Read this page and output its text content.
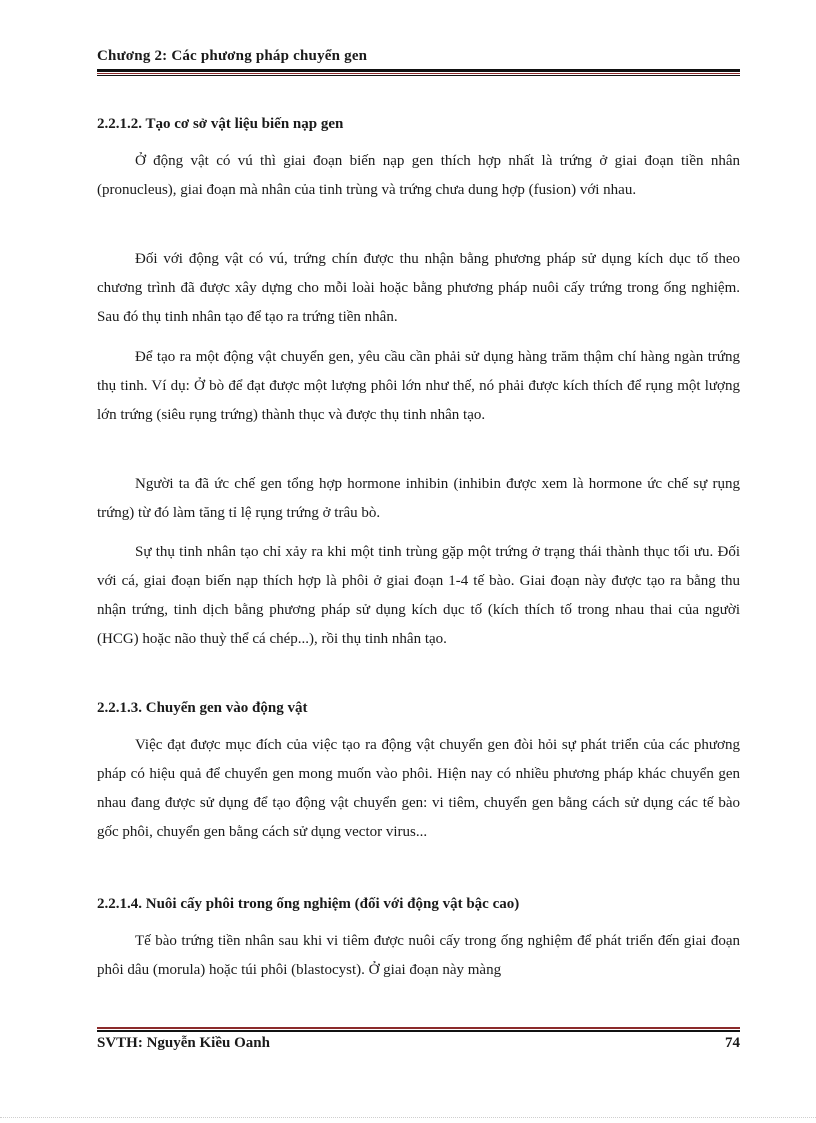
Chương 2: Các phương pháp chuyển gen
2.2.1.2. Tạo cơ sở vật liệu biến nạp gen

Ở động vật có vú thì giai đoạn biến nạp gen thích hợp nhất là trứng ở giai đoạn tiền nhân (pronucleus), giai đoạn mà nhân của tinh trùng và trứng chưa dung hợp (fusion) với nhau.

Đối với động vật có vú, trứng chín được thu nhận bằng phương pháp sử dụng kích dục tố theo chương trình đã được xây dựng cho mỗi loài hoặc bằng phương pháp nuôi cấy trứng trong ống nghiệm. Sau đó thụ tinh nhân tạo để tạo ra trứng tiền nhân.

Để tạo ra một động vật chuyển gen, yêu cầu cần phải sử dụng hàng trăm thậm chí hàng ngàn trứng thụ tinh. Ví dụ: Ở bò để đạt được một lượng phôi lớn như thế, nó phải được kích thích để rụng một lượng lớn trứng (siêu rụng trứng) thành thục và được thụ tinh nhân tạo.

Người ta đã ức chế gen tổng hợp hormone inhibin (inhibin được xem là hormone ức chế sự rụng trứng) từ đó làm tăng tỉ lệ rụng trứng ở trâu bò.

Sự thụ tinh nhân tạo chỉ xảy ra khi một tinh trùng gặp một trứng ở trạng thái thành thục tối ưu. Đối với cá, giai đoạn biến nạp thích hợp là phôi ở giai đoạn 1-4 tế bào. Giai đoạn này được tạo ra bằng thu nhận trứng, tinh dịch bằng phương pháp sử dụng kích dục tố (kích thích tố trong nhau thai của người (HCG) hoặc não thuỳ thể cá chép...), rồi thụ tinh nhân tạo.

2.2.1.3. Chuyển gen vào động vật

Việc đạt được mục đích của việc tạo ra động vật chuyển gen đòi hỏi sự phát triển của các phương pháp có hiệu quả để chuyển gen mong muốn vào phôi. Hiện nay có nhiều phương pháp khác chuyển gen nhau đang được sử dụng để tạo động vật chuyển gen: vi tiêm, chuyển gen bằng cách sử dụng các tế bào gốc phôi, chuyển gen bằng cách sử dụng vector virus...

2.2.1.4. Nuôi cấy phôi trong ống nghiệm (đối với động vật bậc cao)

Tế bào trứng tiền nhân sau khi vi tiêm được nuôi cấy trong ống nghiệm để phát triển đến giai đoạn phôi dâu (morula) hoặc túi phôi (blastocyst). Ở giai đoạn này màng

SVTH: Nguyễn Kiều Oanh	74
